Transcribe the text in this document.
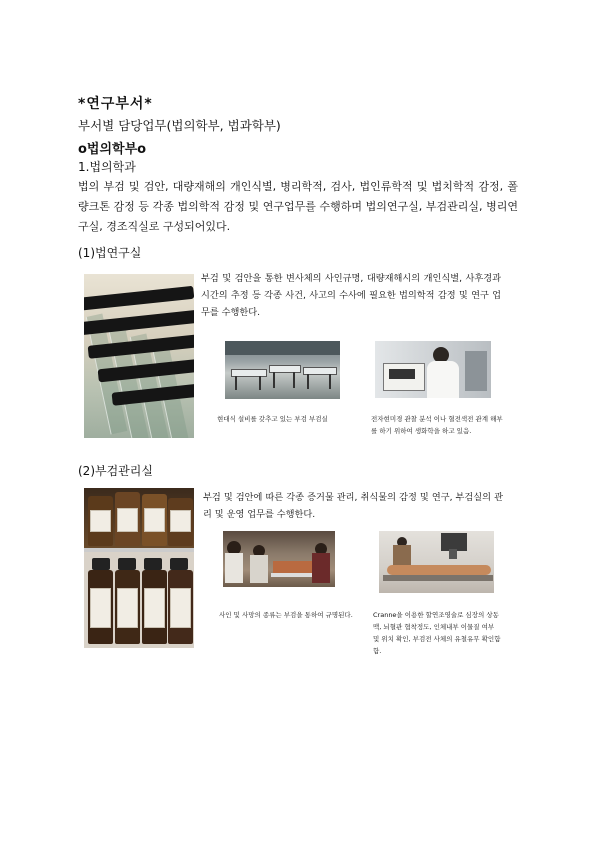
*연구부서*
부서별 담당업무(법의학부, 법과학부)
o법의학부o
1.법의학과
법의 부검 및 검안, 대량재해의 개인식별, 병리학적, 검사, 법인류학적 및 법치학적 감정, 폴량크톤 감정 등 각종 법의학적 감정 및 연구업무를 수행하며 법의연구실, 부검관리실, 병리연구실, 경조직실로 구성되어있다.
(1)법연구실
부검 및 검안을 통한 변사체의 사인규명, 대량재해시의 개인식별, 사후경과시간의 추정 등 각종 사건, 사고의 수사에 필요한 법의학적 감정 및 연구 업무를 수행한다.
현대식 설비를 갖추고 있는 부검 부검실	전자현미경 관찰 분석 이나 혈전색전 관계 해부를 하기 위하여 생화학을 하고 있음.
(2)부검관리실
부검 및 검안에 따른 각종 증거물 관리, 취식물의 감정 및 연구, 부검실의 관리 및 운영 업무를 수행한다.
사인 및 사망의 종류는 부검을 통하여 규명된다.	Cranne을 이용한 할연조영술로 심장의 상동맥, 뇌혈관 협착정도, 인체내부 이물질 여부 및 위치 확인, 부검전 사체의 유철유무 확인함함.
